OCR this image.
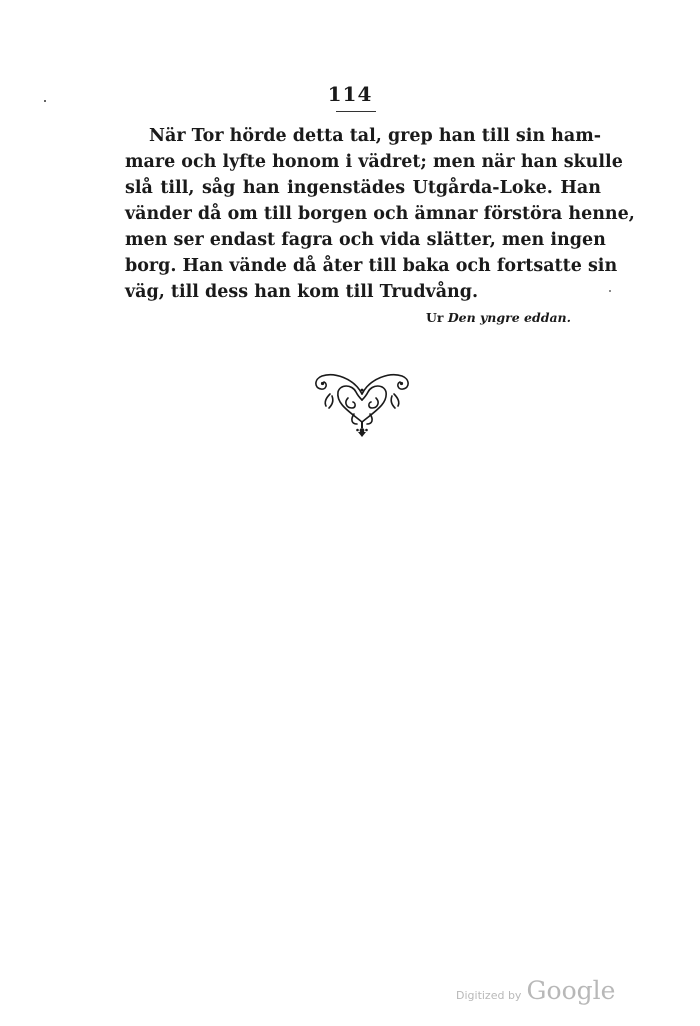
114
När Tor hörde detta tal, grep han till sin ham-
mare och lyfte honom i vädret; men när han skulle
slå till, såg han ingenstädes Utgårda-Loke. Han
vänder då om till borgen och ämnar förstöra henne,
men ser endast fagra och vida slätter, men ingen
borg. Han vände då åter till baka och fortsatte sin
väg, till dess han kom till Trudvång.
Ur Den yngre eddan.
Digitized by Google
